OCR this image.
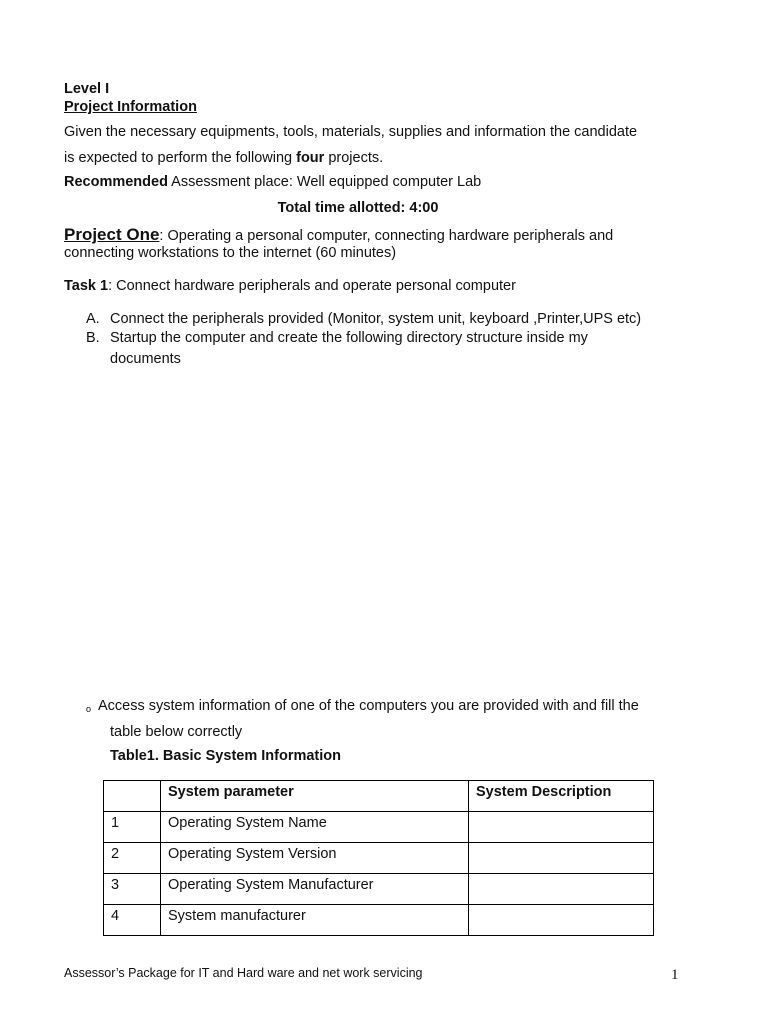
Level I
Project Information
Given the necessary equipments, tools, materials, supplies and information the candidate
is expected to perform the following four projects.
Recommended Assessment place: Well equipped computer Lab
Total time allotted: 4:00
Project One: Operating a personal computer, connecting hardware peripherals and
connecting workstations to the internet (60 minutes)
Task 1: Connect hardware peripherals and operate personal computer
A. Connect the peripherals provided (Monitor, system unit, keyboard ,Printer,UPS etc)
B. Startup the computer and create the following directory structure inside my
documents
o Access system information of one of the computers you are provided with and fill the
table below correctly
Table1. Basic System Information
	System parameter	System Description
1	Operating System Name	
2	Operating System Version	
3	Operating System Manufacturer	
4	System manufacturer	
Assessor’s Package for IT and Hard ware and net work servicing	1
